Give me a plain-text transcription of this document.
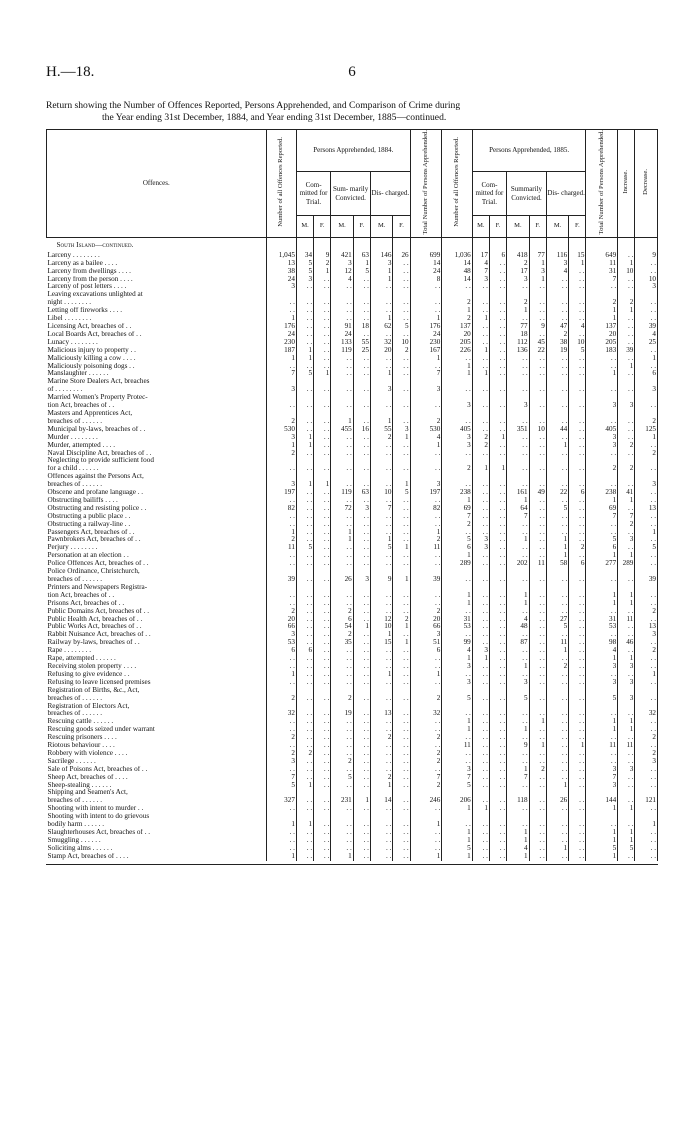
H.—18.	6
Return showing the Number of Offences Reported, Persons Apprehended, and Comparison of Crime during
the Year ending 31st December, 1884, and Year ending 31st December, 1885—continued.
Offences.	Number of all Offences Reported.	Persons Apprehended, 1884.						Total Number of Persons Apprehended.	Number of all Offences Reported.	Persons Apprehended, 1885.						Total Number of Persons Apprehended.	Increase.	Decrease.
		Com- mitted for Trial.		Sum- marily Convicted.		Dis- charged.				Com- mitted for Trial.		Summarily Convicted.		Dis- charged.				
		M.	F.	M.	F.	M.	F.			M.	F.	M.	F.	M.	F.			
South Island—continued.																		
Larceny . . . . . . . .	1,045	34	9	421	63	146	26	699	1,036	17	6	418	77	116	15	649	. .	9
Larceny as a bailee . . . .	13	5	2	3	1	3	. .	14	14	4	. .	2	1	3	1	11	1	. .
Larceny from dwellings . . . .	38	5	1	12	5	1	. .	24	48	7	. .	17	3	4	. .	31	10	. .
Larceny from the person . . . .	24	3	. .	4	. .	1	. .	8	14	3	. .	3	1	. .	. .	7	. .	10
Larceny of post letters . . . .	3	. .	. .	. .	. .	. .	. .	. .	. .	. .	. .	. .	. .	. .	. .	. .	. .	3
Leaving excavations unlighted at																		
night . . . . . . . .	. .	. .	. .	. .	. .	. .	. .	. .	2	. .	. .	2	. .	. .	. .	2	2	. .
Letting off fireworks . . . .	. .	. .	. .	. .	. .	. .	. .	. .	1	. .	. .	1	. .	. .	. .	1	1	. .
Libel . . . . . . . .	1	. .	. .	. .	. .	1	. .	1	2	1	. .	. .	. .	. .	. .	1	. .	. .
Licensing Act, breaches of . .	176	. .	. .	91	18	62	5	176	137	. .	. .	77	9	47	4	137	. .	39
Local Boards Act, breaches of . .	24	. .	. .	24	. .	. .	. .	24	20	. .	. .	18	. .	2	. .	20	. .	4
Lunacy . . . . . . . .	230	. .	. .	133	55	32	10	230	205	. .	. .	112	45	38	10	205	. .	25
Malicious injury to property . .	187	1	. .	119	25	20	2	167	226	1	. .	136	22	19	5	183	39	. .
Maliciously killing a cow . . . .	1	1	. .	. .	. .	. .	. .	1	. .	. .	. .	. .	. .	. .	. .	. .	. .	1
Maliciously poisoning dogs . .	. .	. .	. .	. .	. .	. .	. .	. .	1	. .	. .	. .	. .	. .	. .	. .	1	. .
Manslaughter . . . . . .	7	5	1	. .	. .	1	. .	7	1	1	. .	. .	. .	. .	. .	1	. .	6
Marine Store Dealers Act, breaches																		
of . . . . . . . .	3	. .	. .	. .	. .	3	. .	3	. .	. .	. .	. .	. .	. .	. .	. .	. .	3
Married Women's Property Protec-																		
tion Act, breaches of . .	. .	. .	. .	. .	. .	. .	. .	. .	3	. .	. .	3	. .	. .	. .	3	3	. .
Masters and Apprentices Act,																		
breaches of . . . . . .	2	. .	. .	1	. .	1	. .	2	. .	. .	. .	. .	. .	. .	. .	. .	. .	2
Municipal by-laws, breaches of . .	530	. .	. .	455	16	55	3	530	405	. .	. .	351	10	44	. .	405	. .	125
Murder . . . . . . . .	3	1	. .	. .	. .	2	1	4	3	2	1	. .	. .	. .	. .	3	. .	1
Murder, attempted . . . .	1	1	. .	. .	. .	. .	. .	1	3	2	. .	. .	. .	1	. .	3	2	. .
Naval Discipline Act, breaches of . .	2	. .	. .	. .	. .	. .	. .	. .	. .	. .	. .	. .	. .	. .	. .	. .	. .	2
Neglecting to provide sufficient food																		
for a child . . . . . .	. .	. .	. .	. .	. .	. .	. .	. .	2	1	1	. .	. .	. .	. .	2	2	. .
Offences against the Persons Act,																		
breaches of . . . . . .	3	1	1	. .	. .	. .	1	3	. .	. .	. .	. .	. .	. .	. .	. .	. .	3
Obscene and profane language . .	197	. .	. .	119	63	10	5	197	238	. .	. .	161	49	22	6	238	41	. .
Obstructing bailiffs . . . .	. .	. .	. .	. .	. .	. .	. .	. .	1	. .	. .	1	. .	. .	. .	1	1	. .
Obstructing and resisting police . .	82	. .	. .	72	3	7	. .	82	69	. .	. .	64	. .	5	. .	69	. .	13
Obstructing a public place . .	. .	. .	. .	. .	. .	. .	. .	. .	7	. .	. .	7	. .	. .	. .	7	7	. .
Obstructing a railway-line . .	. .	. .	. .	. .	. .	. .	. .	. .	2	. .	. .	. .	. .	. .	. .	. .	2	. .
Passengers Act, breaches of . .	1	. .	. .	1	. .	. .	. .	1	. .	. .	. .	. .	. .	. .	. .	. .	. .	1
Pawnbrokers Act, breaches of . .	2	. .	. .	1	. .	1	. .	2	5	3	. .	1	. .	1	. .	5	3	. .
Perjury . . . . . . . .	11	5	. .	. .	. .	5	1	11	6	3	. .	. .	. .	1	2	6	. .	5
Personation at an election . .	. .	. .	. .	. .	. .	. .	. .	. .	1	. .	. .	. .	. .	1	. .	1	1	. .
Police Offences Act, breaches of . .	. .	. .	. .	. .	. .	. .	. .	. .	289	. .	. .	202	11	58	6	277	289	. .
Police Ordinance, Christchurch,																		
breaches of . . . . . .	39	. .	. .	26	3	9	1	39	. .	. .	. .	. .	. .	. .	. .	. .	. .	39
Printers and Newspapers Registra-																		
tion Act, breaches of . .	. .	. .	. .	. .	. .	. .	. .	. .	1	. .	. .	1	. .	. .	. .	1	1	. .
Prisons Act, breaches of . .	. .	. .	. .	. .	. .	. .	. .	. .	1	. .	. .	1	. .	. .	. .	1	1	. .
Public Domains Act, breaches of . .	2	. .	. .	2	. .	. .	. .	2	. .	. .	. .	. .	. .	. .	. .	. .	. .	2
Public Health Act, breaches of . .	20	. .	. .	6	. .	12	2	20	31	. .	. .	4	. .	27	. .	31	11	. .
Public Works Act, breaches of . .	66	. .	. .	54	1	10	1	66	53	. .	. .	48	. .	5	. .	53	. .	13
Rabbit Nuisance Act, breaches of . .	3	. .	. .	2	. .	1	. .	3	. .	. .	. .	. .	. .	. .	. .	. .	. .	3
Railway by-laws, breaches of . .	53	. .	. .	35	. .	15	1	51	99	. .	. .	87	. .	11	. .	98	46	. .
Rape . . . . . . . .	6	6	. .	. .	. .	. .	. .	6	4	3	. .	. .	. .	1	. .	4	. .	2
Rape, attempted . . . . . .	. .	. .	. .	. .	. .	. .	. .	. .	1	1	. .	. .	. .	. .	. .	1	1	. .
Receiving stolen property . . . .	. .	. .	. .	. .	. .	. .	. .	. .	3	. .	. .	1	. .	2	. .	3	3	. .
Refusing to give evidence . .	1	. .	. .	. .	. .	1	. .	1	. .	. .	. .	. .	. .	. .	. .	. .	. .	1
Refusing to leave licensed premises	. .	. .	. .	. .	. .	. .	. .	. .	3	. .	. .	3	. .	. .	. .	3	3	. .
Registration of Births, &c., Act,																		
breaches of . . . . . .	2	. .	. .	2	. .	. .	. .	2	5	. .	. .	5	. .	. .	. .	5	3	. .
Registration of Electors Act,																		
breaches of . . . . . .	32	. .	. .	19	. .	13	. .	32	. .	. .	. .	. .	. .	. .	. .	. .	. .	32
Rescuing cattle . . . . . .	. .	. .	. .	. .	. .	. .	. .	. .	1	. .	. .	. .	1	. .	. .	1	1	. .
Rescuing goods seized under warrant	. .	. .	. .	. .	. .	. .	. .	. .	1	. .	. .	1	. .	. .	. .	1	1	. .
Rescuing prisoners . . . .	2	. .	. .	. .	. .	2	. .	2	. .	. .	. .	. .	. .	. .	. .	. .	. .	2
Riotous behaviour . . . .	. .	. .	. .	. .	. .	. .	. .	. .	11	. .	. .	9	1	. .	1	11	11	. .
Robbery with violence . . . .	2	2	. .	. .	. .	. .	. .	2	. .	. .	. .	. .	. .	. .	. .	. .	. .	2
Sacrilege . . . . . .	3	. .	. .	2	. .	. .	. .	2	. .	. .	. .	. .	. .	. .	. .	. .	. .	3
Sale of Poisons Act, breaches of . .	. .	. .	. .	. .	. .	. .	. .	. .	3	. .	. .	1	2	. .	. .	3	3	. .
Sheep Act, breaches of . . . .	7	. .	. .	5	. .	2	. .	7	7	. .	. .	7	. .	. .	. .	7	. .	. .
Sheep-stealing . . . . . .	5	1	. .	. .	. .	1	. .	2	5	. .	. .	. .	. .	1	. .	3	. .	. .
Shipping and Seamen's Act,																		
breaches of . . . . . .	327	. .	. .	231	1	14	. .	246	206	. .	. .	118	. .	26	. .	144	. .	121
Shooting with intent to murder . .	. .	. .	. .	. .	. .	. .	. .	. .	1	1	. .	. .	. .	. .	. .	1	1	. .
Shooting with intent to do grievous																		
bodily harm . . . . . .	1	1	. .	. .	. .	. .	. .	1	. .	. .	. .	. .	. .	. .	. .	. .	. .	1
Slaughterhouses Act, breaches of . .	. .	. .	. .	. .	. .	. .	. .	. .	1	. .	. .	1	. .	. .	. .	1	1	. .
Smuggling . . . . . .	. .	. .	. .	. .	. .	. .	. .	. .	1	. .	. .	1	. .	. .	. .	1	1	. .
Soliciting alms . . . . . .	. .	. .	. .	. .	. .	. .	. .	. .	5	. .	. .	4	. .	1	. .	5	5	. .
Stamp Act, breaches of . . . .	1	. .	. .	1	. .	. .	. .	1	1	. .	. .	1	. .	. .	. .	1	. .	. .
